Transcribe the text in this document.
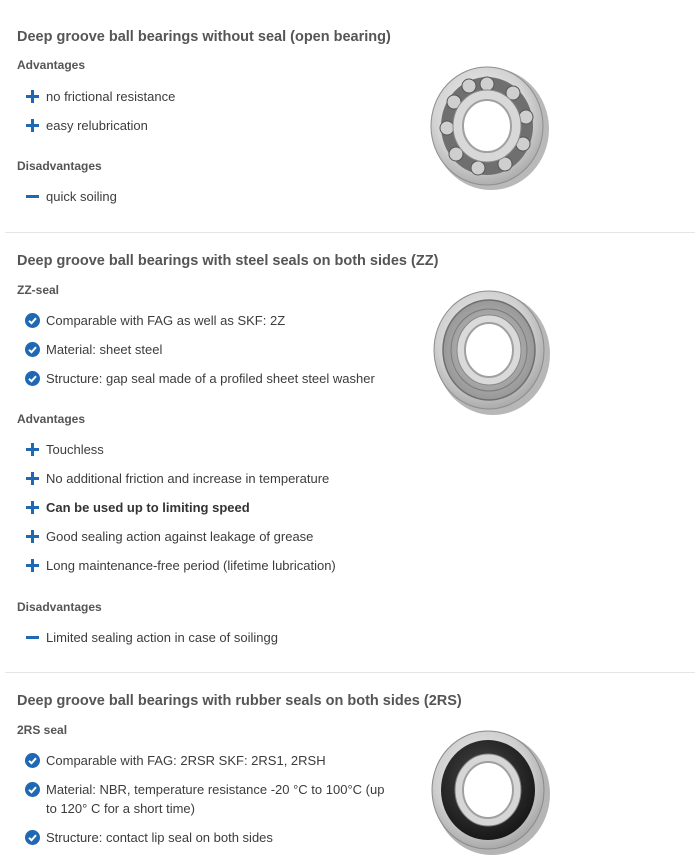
Deep groove ball bearings without seal (open bearing)
Advantages
no frictional resistance
easy relubrication
Disadvantages
quick soiling
Deep groove ball bearings with steel seals on both sides (ZZ)
ZZ-seal
Comparable with FAG as well as SKF: 2Z
Material: sheet steel
Structure: gap seal made of a profiled sheet steel washer
Advantages
Touchless
No additional friction and increase in temperature
Can be used up to limiting speed
Good sealing action against leakage of grease
Long maintenance-free period (lifetime lubrication)
Disadvantages
Limited sealing action in case of soilingg
Deep groove ball bearings with rubber seals on both sides (2RS)
2RS seal
Comparable with FAG: 2RSR SKF: 2RS1, 2RSH
Material: NBR, temperature resistance -20 °C to 100°C (up to 120° C for a short time)
Structure: contact lip seal on both sides
